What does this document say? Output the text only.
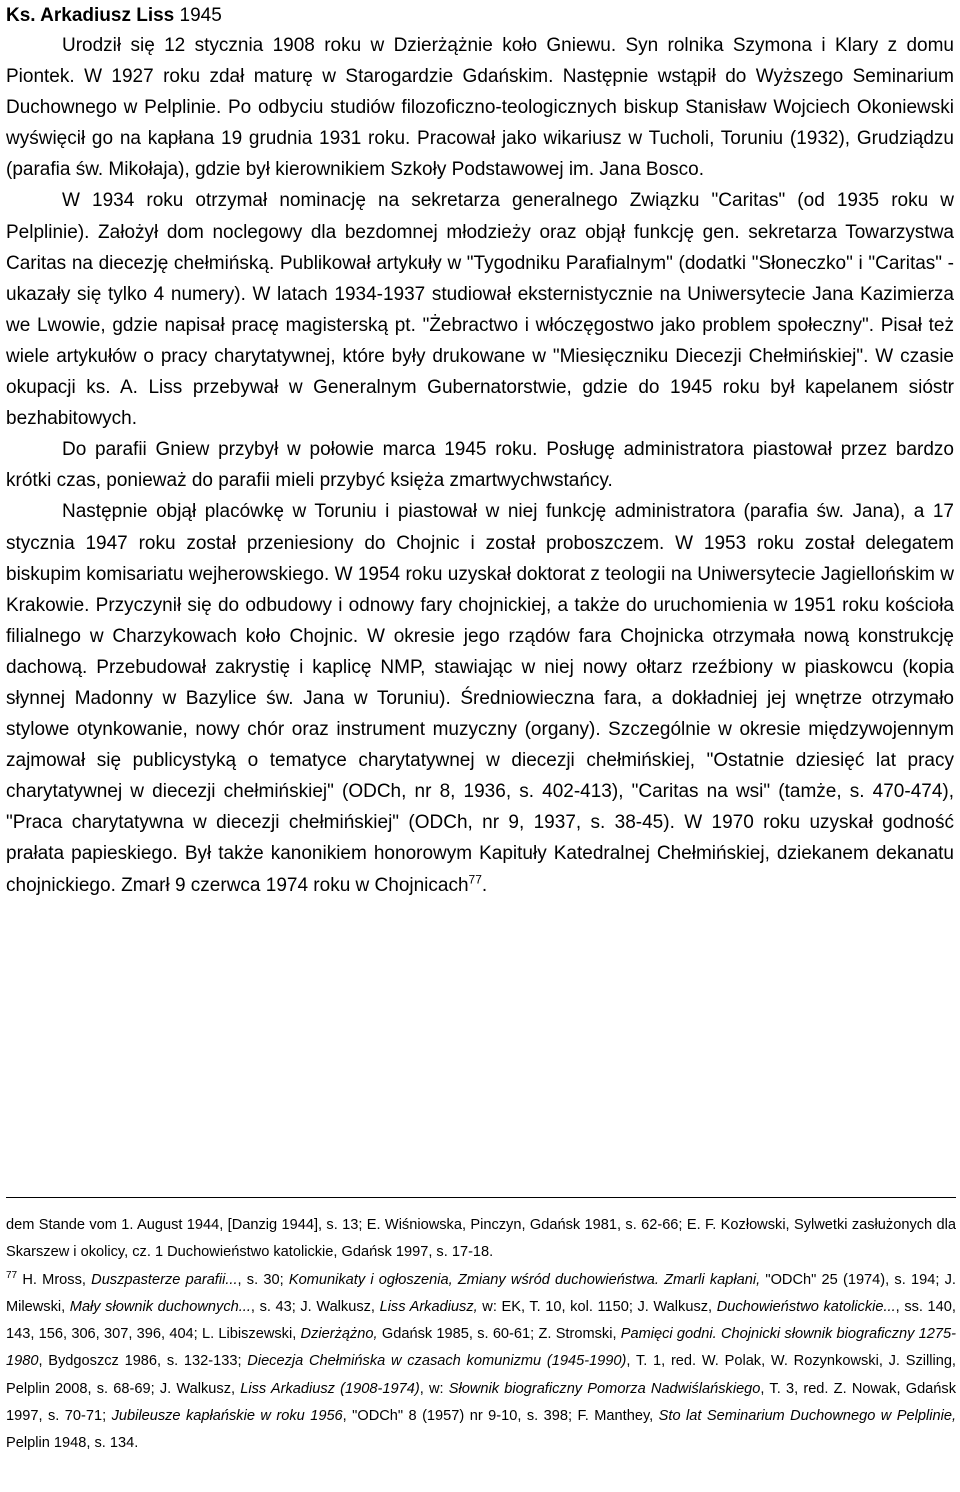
Ks. Arkadiusz Liss 1945

Urodził się 12 stycznia 1908 roku w Dzierżążnie koło Gniewu. Syn rolnika Szymona i Klary z domu Piontek. W 1927 roku zdał maturę w Starogardzie Gdańskim. Następnie wstąpił do Wyższego Seminarium Duchownego w Pelplinie. Po odbyciu studiów filozoficzno-teologicznych biskup Stanisław Wojciech Okoniewski wyświęcił go na kapłana 19 grudnia 1931 roku. Pracował jako wikariusz w Tucholi, Toruniu (1932), Grudziądzu (parafia św. Mikołaja), gdzie był kierownikiem Szkoły Podstawowej im. Jana Bosco.

W 1934 roku otrzymał nominację na sekretarza generalnego Związku "Caritas" (od 1935 roku w Pelplinie). Założył dom noclegowy dla bezdomnej młodzieży oraz objął funkcję gen. sekretarza Towarzystwa Caritas na diecezję chełmińską. Publikował artykuły w "Tygodniku Parafialnym" (dodatki "Słoneczko" i "Caritas" - ukazały się tylko 4 numery). W latach 1934-1937 studiował eksternistycznie na Uniwersytecie Jana Kazimierza we Lwowie, gdzie napisał pracę magisterską pt. "Żebractwo i włóczęgostwo jako problem społeczny". Pisał też wiele artykułów o pracy charytatywnej, które były drukowane w "Miesięczniku Diecezji Chełmińskiej". W czasie okupacji ks. A. Liss przebywał w Generalnym Gubernatorstwie, gdzie do 1945 roku był kapelanem sióstr bezhabitowych.

Do parafii Gniew przybył w połowie marca 1945 roku. Posługę administratora piastował przez bardzo krótki czas, ponieważ do parafii mieli przybyć księża zmartwychwstańcy.

Następnie objął placówkę w Toruniu i piastował w niej funkcję administratora (parafia św. Jana), a 17 stycznia 1947 roku został przeniesiony do Chojnic i został proboszczem. W 1953 roku został delegatem biskupim komisariatu wejherowskiego. W 1954 roku uzyskał doktorat z teologii na Uniwersytecie Jagiellońskim w Krakowie. Przyczynił się do odbudowy i odnowy fary chojnickiej, a także do uruchomienia w 1951 roku kościoła filialnego w Charzykowach koło Chojnic. W okresie jego rządów fara Chojnicka otrzymała nową konstrukcję dachową. Przebudował zakrystię i kaplicę NMP, stawiając w niej nowy ołtarz rzeźbiony w piaskowcu (kopia słynnej Madonny w Bazylice św. Jana w Toruniu). Średniowieczna fara, a dokładniej jej wnętrze otrzymało stylowe otynkowanie, nowy chór oraz instrument muzyczny (organy). Szczególnie w okresie międzywojennym zajmował się publicystyką o tematyce charytatywnej w diecezji chełmińskiej, "Ostatnie dziesięć lat pracy charytatywnej w diecezji chełmińskiej" (ODCh, nr 8, 1936, s. 402-413), "Caritas na wsi" (tamże, s. 470-474), "Praca charytatywna w diecezji chełmińskiej" (ODCh, nr 9, 1937, s. 38-45). W 1970 roku uzyskał godność prałata papieskiego. Był także kanonikiem honorowym Kapituły Katedralnej Chełmińskiej, dziekanem dekanatu chojnickiego. Zmarł 9 czerwca 1974 roku w Chojnicach$^{77}$.

dem Stande vom 1. August 1944, [Danzig 1944], s. 13; E. Wiśniowska, Pinczyn, Gdańsk 1981, s. 62-66; E. F. Kozłowski, Sylwetki zasłużonych dla Skarszew i okolicy, cz. 1 Duchowieństwo katolickie, Gdańsk 1997, s. 17-18.

$^{77}$ H. Mross, Duszpasterze parafii..., s. 30; Komunikaty i ogłoszenia, Zmiany wśród duchowieństwa. Zmarli kapłani, "ODCh" 25 (1974), s. 194; J. Milewski, Mały słownik duchownych..., s. 43; J. Walkusz, Liss Arkadiusz, w: EK, T. 10, kol. 1150; J. Walkusz, Duchowieństwo katolickie..., ss. 140, 143, 156, 306, 307, 396, 404; L. Libiszewski, Dzierżążno, Gdańsk 1985, s. 60-61; Z. Stromski, Pamięci godni. Chojnicki słownik biograficzny 1275-1980, Bydgoszcz 1986, s. 132-133; Diecezja Chełmińska w czasach komunizmu (1945-1990), T. 1, red. W. Polak, W. Rozynkowski, J. Szilling, Pelplin 2008, s. 68-69; J. Walkusz, Liss Arkadiusz (1908-1974), w: Słownik biograficzny Pomorza Nadwiślańskiego, T. 3, red. Z. Nowak, Gdańsk 1997, s. 70-71; Jubileusze kapłańskie w roku 1956, "ODCh" 8 (1957) nr 9-10, s. 398; F. Manthey, Sto lat Seminarium Duchownego w Pelplinie, Pelplin 1948, s. 134.
